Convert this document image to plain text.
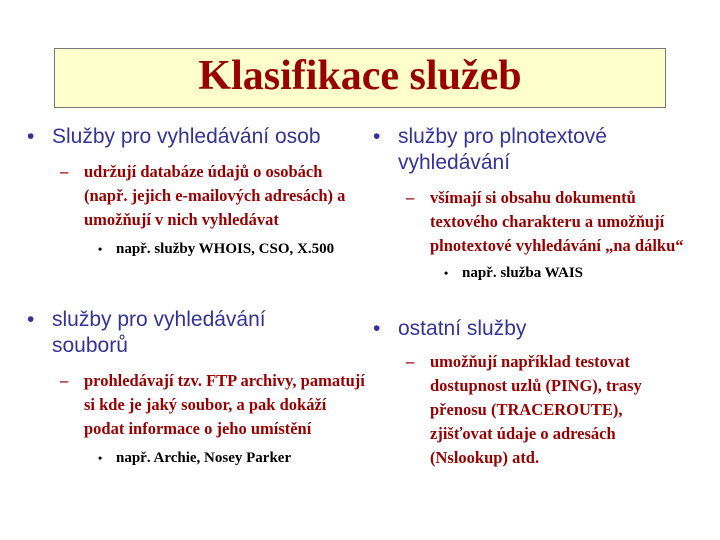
Klasifikace služeb
• Služby pro vyhledávání osob
– udržují databáze údajů o osobách (např. jejich e-mailových adresách) a umožňují v nich vyhledávat
• např. služby WHOIS, CSO, X.500
• služby pro vyhledávání souborů
– prohledávají tzv. FTP archivy, pamatují si kde je jaký soubor, a pak dokáží podat informace o jeho umístění
• např. Archie, Nosey Parker
• služby pro plnotextové vyhledávání
– všímají si obsahu dokumentů textového charakteru a umožňují plnotextové vyhledávání „na dálku“
• např. služba WAIS
• ostatní služby
– umožňují například testovat dostupnost uzlů (PING), trasy přenosu (TRACEROUTE), zjišťovat údaje o adresách (Nslookup) atd.
